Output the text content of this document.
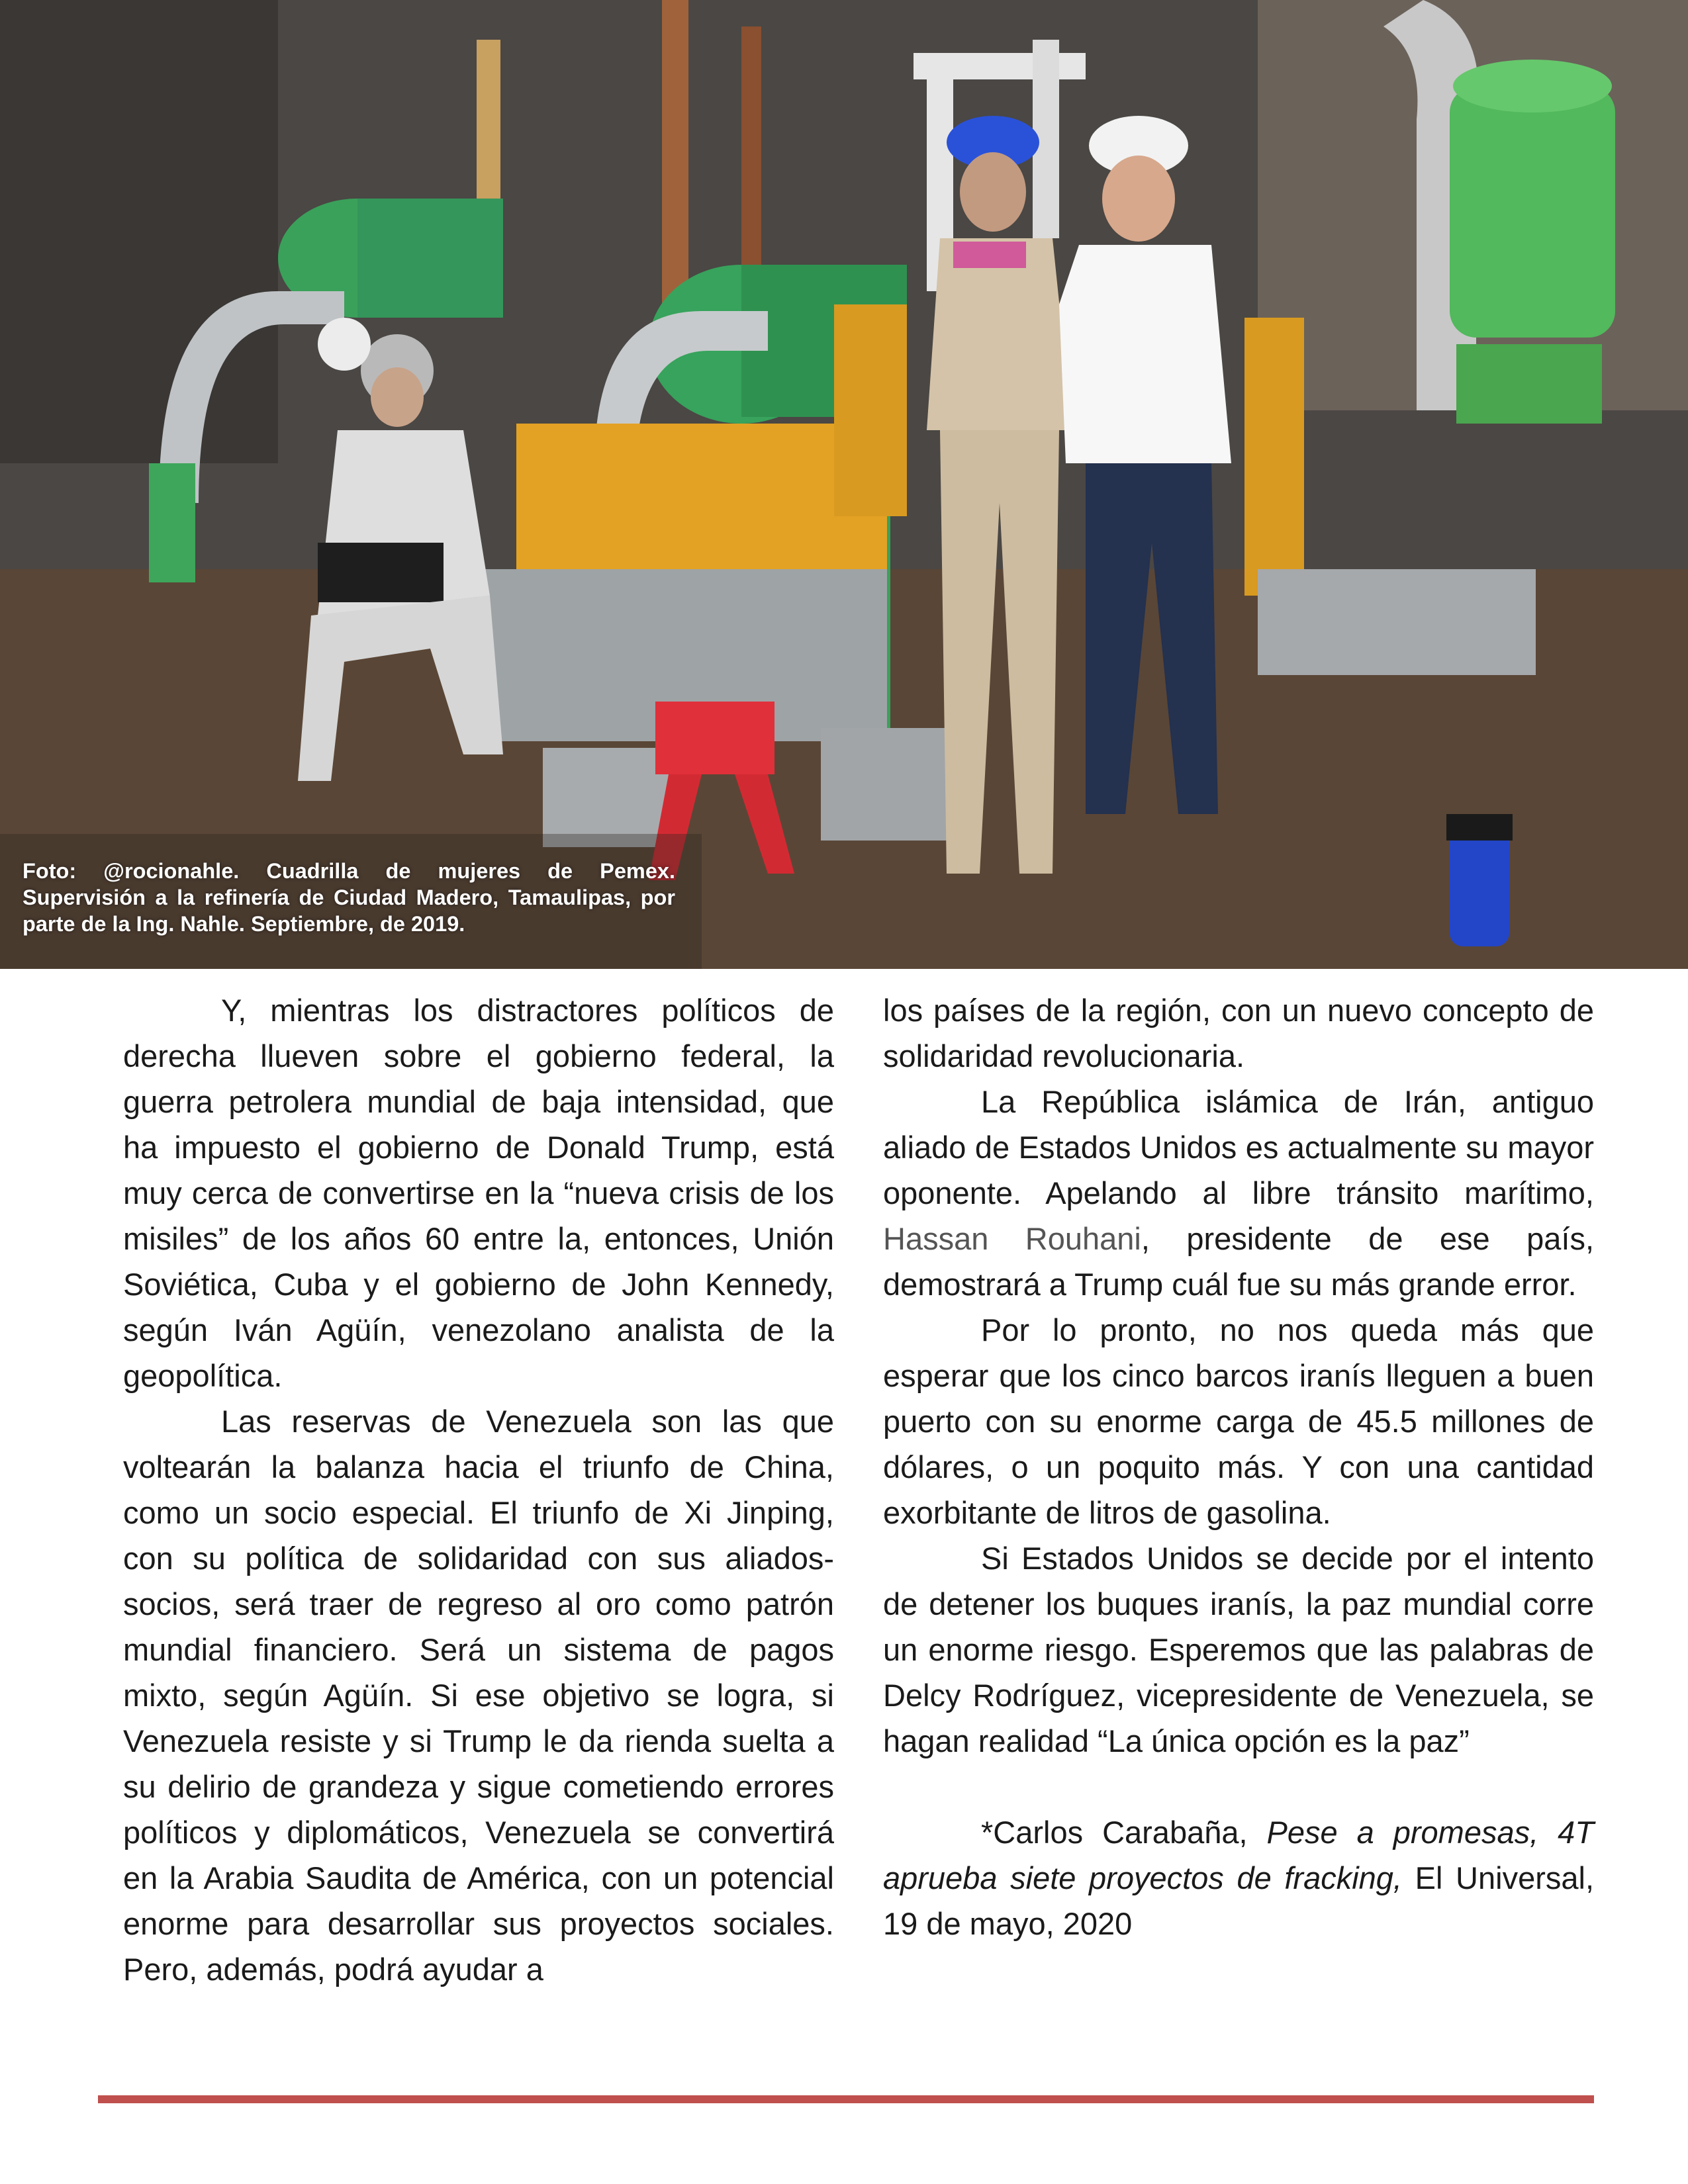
Foto: @rocionahle. Cuadrilla de mujeres de Pemex. Supervisión a la refinería de Ciudad Madero, Tamaulipas, por parte de la Ing. Nahle. Septiembre, de 2019.

Y, mientras los distractores políticos de derecha llueven sobre el gobierno federal, la guerra petrolera mundial de baja intensidad, que ha impuesto el gobierno de Donald Trump, está muy cerca de convertirse en la “nueva crisis de los misiles” de los años 60 entre la, entonces, Unión Soviética, Cuba y el gobierno de John Kennedy, según Iván Agüín, venezolano analista de la geopolítica.

Las reservas de Venezuela son las que voltearán la balanza hacia el triunfo de China, como un socio especial. El triunfo de Xi Jinping, con su política de solidaridad con sus aliados-socios, será traer de regreso al oro como patrón mundial financiero. Será un sistema de pagos mixto, según Agüín. Si ese objetivo se logra, si Venezuela resiste y si Trump le da rienda suelta a su delirio de grandeza y sigue cometiendo errores políticos y diplomáticos, Venezuela se convertirá en la Arabia Saudita de América, con un potencial enorme para desarrollar sus proyectos sociales. Pero, además, podrá ayudar a

los países de la región, con un nuevo concepto de solidaridad revolucionaria.

La República islámica de Irán, antiguo aliado de Estados Unidos es actualmente su mayor oponente. Apelando al libre tránsito marítimo, Hassan Rouhani, presidente de ese país, demostrará a Trump cuál fue su más grande error.

Por lo pronto, no nos queda más que esperar que los cinco barcos iranís lleguen a buen puerto con su enorme carga de 45.5 millones de dólares, o un poquito más. Y con una cantidad exorbitante de litros de gasolina.

Si Estados Unidos se decide por el intento de detener los buques iranís, la paz mundial corre un enorme riesgo. Esperemos que las palabras de Delcy Rodríguez, vicepresidente de Venezuela, se hagan realidad “La única opción es la paz”

*Carlos Carabaña, Pese a promesas, 4T aprueba siete proyectos de fracking, El Universal, 19 de mayo, 2020
